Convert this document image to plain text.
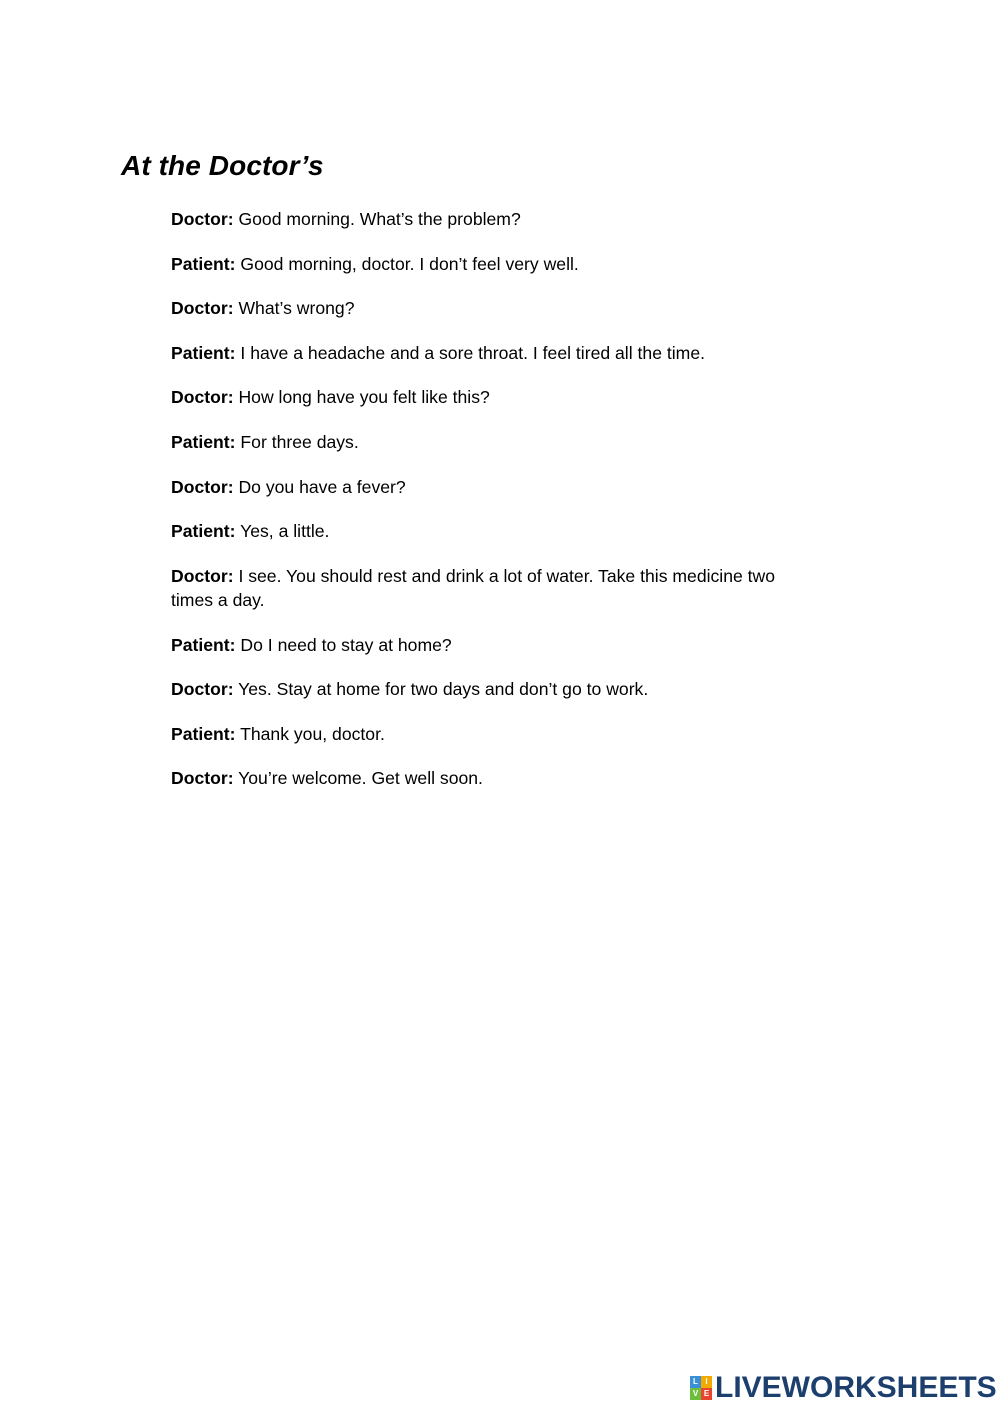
At the Doctor’s

Doctor: Good morning. What’s the problem?

Patient: Good morning, doctor. I don’t feel very well.

Doctor: What’s wrong?

Patient: I have a headache and a sore throat. I feel tired all the time.

Doctor: How long have you felt like this?

Patient: For three days.

Doctor: Do you have a fever?

Patient: Yes, a little.

Doctor: I see. You should rest and drink a lot of water. Take this medicine two times a day.

Patient: Do I need to stay at home?

Doctor: Yes. Stay at home for two days and don’t go to work.

Patient: Thank you, doctor.

Doctor: You’re welcome. Get well soon.

L I
V E LIVEWORKSHEETS
